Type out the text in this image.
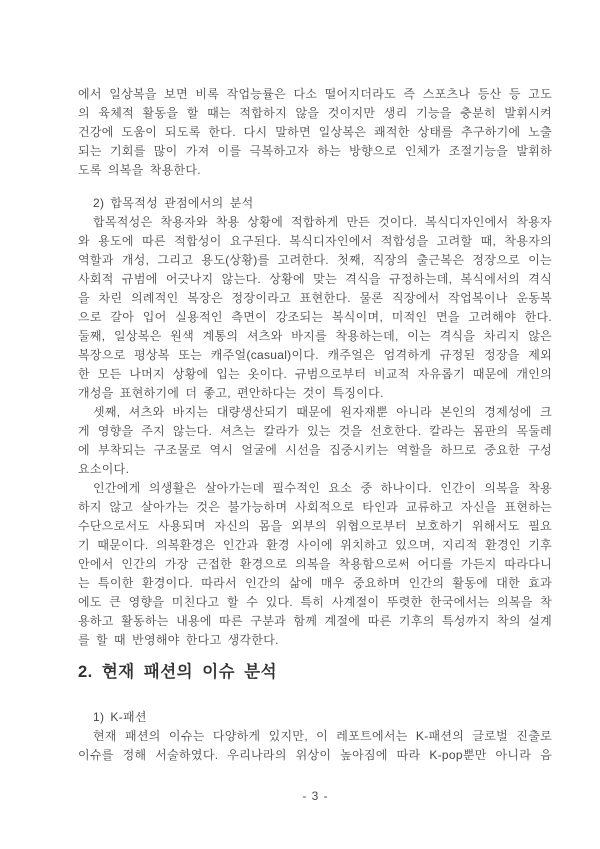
에서 일상복을 보면 비록 작업능률은 다소 떨어지더라도 즉 스포츠나 등산 등 고도
의 육체적 활동을 할 때는 적합하지 않을 것이지만 생리 기능을 충분히 발휘시켜
건강에 도움이 되도록 한다. 다시 말하면 일상복은 쾌적한 상태를 추구하기에 노출
되는 기회를 많이 가져 이를 극복하고자 하는 방향으로 인체가 조절기능을 발휘하
도록 의복을 착용한다.
2) 합목적성 관점에서의 분석
합목적성은 착용자와 착용 상황에 적합하게 만든 것이다. 복식디자인에서 착용자
와 용도에 따른 적합성이 요구된다. 복식디자인에서 적합성을 고려할 때, 착용자의
역할과 개성, 그리고 용도(상황)를 고려한다. 첫째, 직장의 출근복은 정장으로 이는
사회적 규범에 어긋나지 않는다. 상황에 맞는 격식을 규정하는데, 복식에서의 격식
을 차린 의례적인 복장은 정장이라고 표현한다. 물론 직장에서 작업복이나 운동복
으로 갈아 입어 실용적인 측면이 강조되는 복식이며, 미적인 면을 고려해야 한다.
둘째, 일상복은 원색 계통의 셔츠와 바지를 착용하는데, 이는 격식을 차리지 않은
복장으로 평상복 또는 캐주얼(casual)이다. 캐주얼은 엄격하게 규정된 정장을 제외
한 모든 나머지 상황에 입는 옷이다. 규범으로부터 비교적 자유롭기 때문에 개인의
개성을 표현하기에 더 좋고, 편안하다는 것이 특징이다.
셋째, 셔츠와 바지는 대량생산되기 때문에 원자재뿐 아니라 본인의 경제성에 크
게 영향을 주지 않는다. 셔츠는 칼라가 있는 것을 선호한다. 칼라는 몸판의 목둘레
에 부착되는 구조물로 역시 얼굴에 시선을 집중시키는 역할을 하므로 중요한 구성
요소이다.
인간에게 의생활은 살아가는데 필수적인 요소 중 하나이다. 인간이 의복을 착용
하지 않고 살아가는 것은 불가능하며 사회적으로 타인과 교류하고 자신을 표현하는
수단으로서도 사용되며 자신의 몸을 외부의 위협으로부터 보호하기 위해서도 필요
기 때문이다. 의복환경은 인간과 환경 사이에 위치하고 있으며, 지리적 환경인 기후
안에서 인간의 가장 근접한 환경으로 의복을 착용함으로써 어디를 가든지 따라다니
는 특이한 환경이다. 따라서 인간의 삶에 매우 중요하며 인간의 활동에 대한 효과
에도 큰 영향을 미친다고 할 수 있다. 특히 사계절이 뚜렷한 한국에서는 의복을 착
용하고 활동하는 내용에 따른 구분과 함께 계절에 따른 기후의 특성까지 착의 설계
를 할 때 반영해야 한다고 생각한다.
2. 현재 패션의 이슈 분석
1) K-패션
현재 패션의 이슈는 다양하게 있지만, 이 레포트에서는 K-패션의 글로벌 진출로
이슈를 정해 서술하였다. 우리나라의 위상이 높아짐에 따라 K-pop뿐만 아니라 음
- 3 -
